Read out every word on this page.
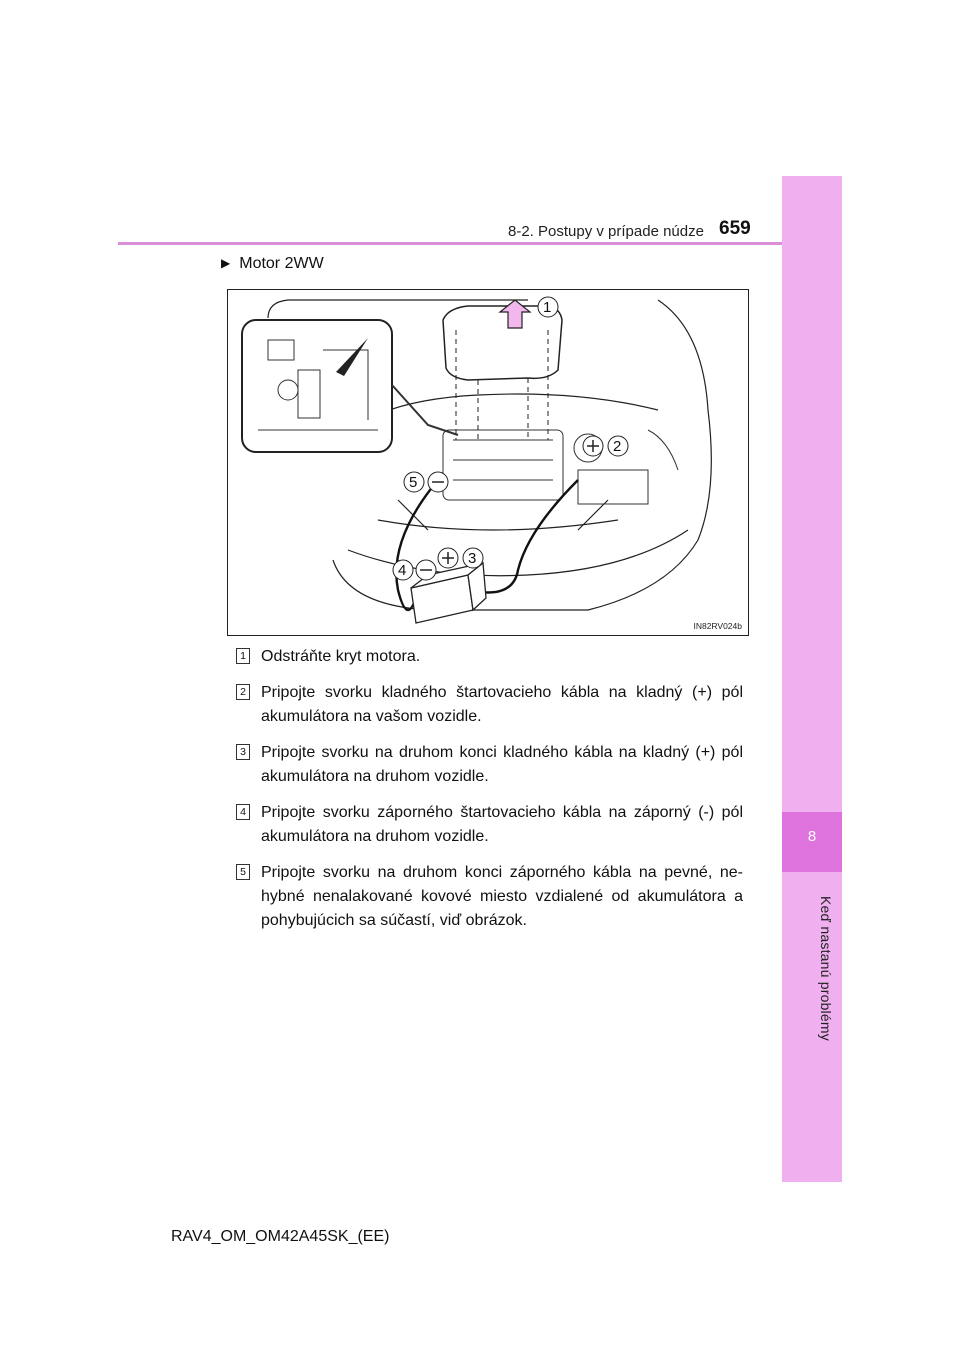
8
Keď nastanú problémy
8-2. Postupy v prípade núdze 659
▶ Motor 2WW
1
2
3
4
5
IN82RV024b
1 Odstráňte kryt motora.
2 Pripojte svorku kladného štartovacieho kábla na kladný (+) pól akumulátora na vašom vozidle.
3 Pripojte svorku na druhom konci kladného kábla na kladný (+) pól akumulátora na druhom vozidle.
4 Pripojte svorku záporného štartovacieho kábla na záporný (-) pól akumulátora na druhom vozidle.
5 Pripojte svorku na druhom konci záporného kábla na pevné, ne-hybné nenalakované kovové miesto vzdialené od akumulátora a pohybujúcich sa súčastí, viď obrázok.
RAV4_OM_OM42A45SK_(EE)
